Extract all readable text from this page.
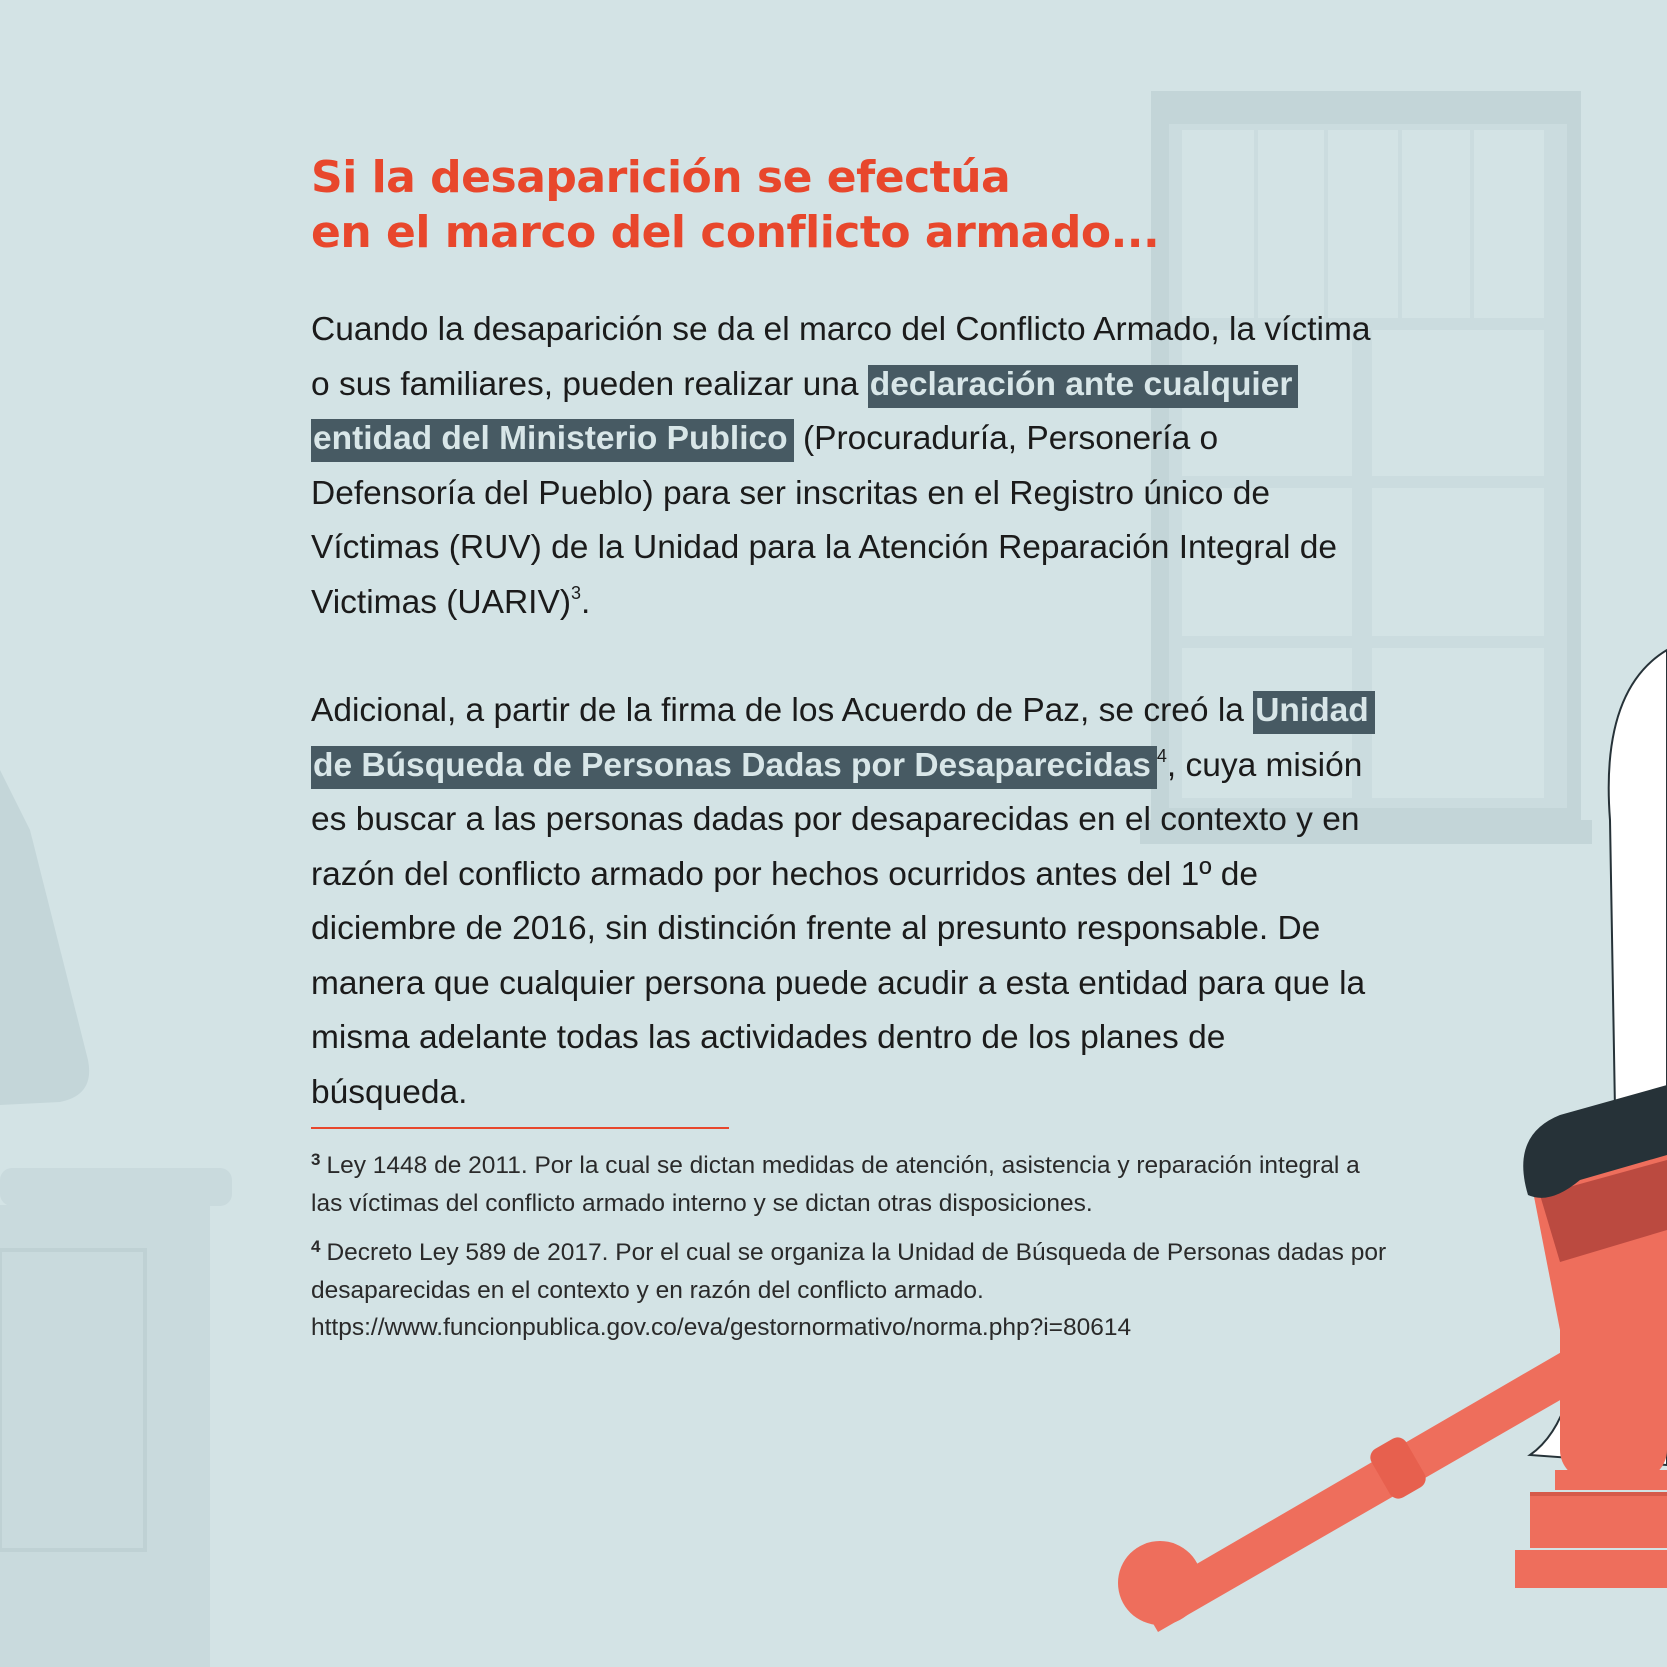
Si la desaparición se efectúa
en el marco del conflicto armado...

Cuando la desaparición se da el marco del Conflicto Armado, la víctima o sus familiares, pueden realizar una declaración ante cualquier entidad del Ministerio Publico (Procuraduría, Personería o Defensoría del Pueblo) para ser inscritas en el Registro único de Víctimas (RUV) de la Unidad para la Atención Reparación Integral de Victimas (UARIV)$^3$.

Adicional, a partir de la firma de los Acuerdo de Paz, se creó la Unidad de Búsqueda de Personas Dadas por Desaparecidas $^4$, cuya misión es buscar a las personas dadas por desaparecidas en el contexto y en razón del conflicto armado por hechos ocurridos antes del 1º de diciembre de 2016, sin distinción frente al presunto responsable. De manera que cualquier persona puede acudir a esta entidad para que la misma adelante todas las actividades dentro de los planes de búsqueda.

$^3$ Ley 1448 de 2011. Por la cual se dictan medidas de atención, asistencia y reparación integral a las víctimas del conflicto armado interno y se dictan otras disposiciones.

$^4$ Decreto Ley 589 de 2017. Por el cual se organiza la Unidad de Búsqueda de Personas dadas por desaparecidas en el contexto y en razón del conflicto armado. https://www.funcionpublica.gov.co/eva/gestornormativo/norma.php?i=80614
